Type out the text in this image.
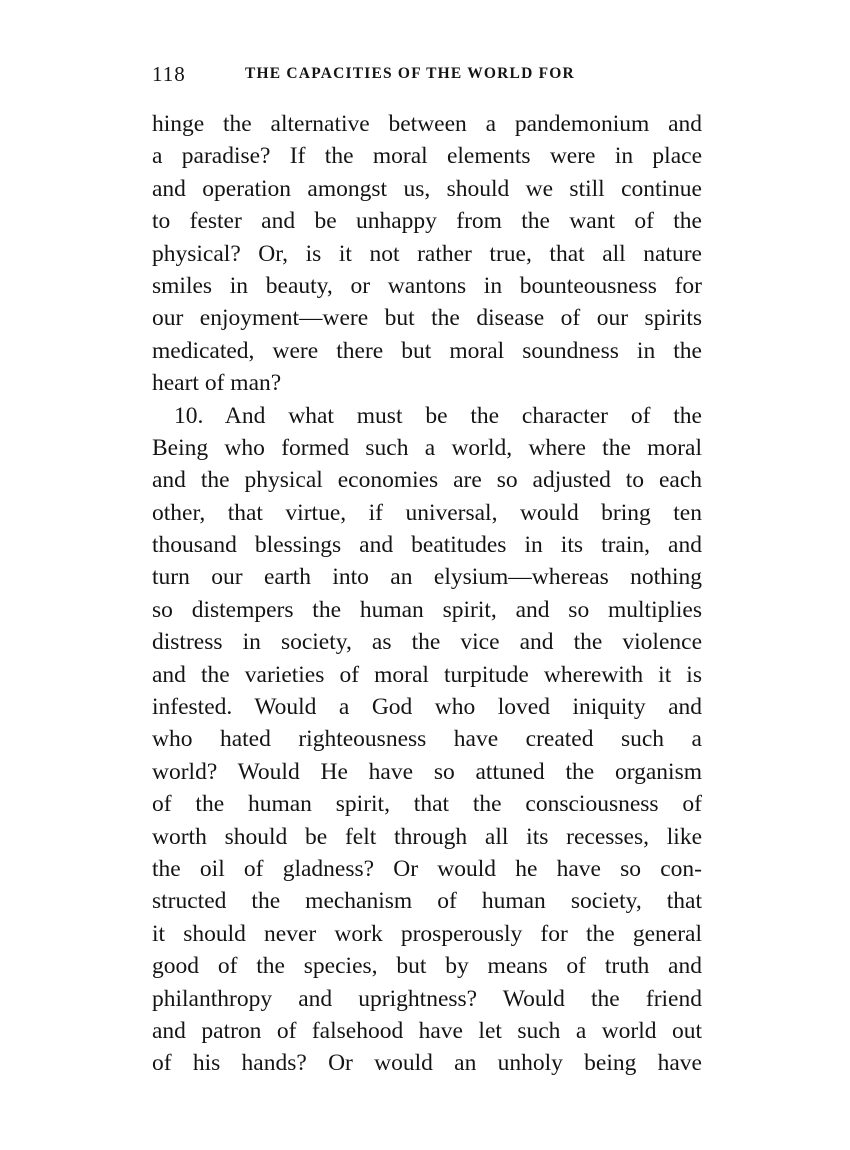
118	THE CAPACITIES OF THE WORLD FOR
hinge the alternative between a pandemonium and
a paradise? If the moral elements were in place
and operation amongst us, should we still continue
to fester and be unhappy from the want of the
physical? Or, is it not rather true, that all nature
smiles in beauty, or wantons in bounteousness for
our enjoyment—were but the disease of our spirits
medicated, were there but moral soundness in the
heart of man?
10. And what must be the character of the
Being who formed such a world, where the moral
and the physical economies are so adjusted to each
other, that virtue, if universal, would bring ten
thousand blessings and beatitudes in its train, and
turn our earth into an elysium—whereas nothing
so distempers the human spirit, and so multiplies
distress in society, as the vice and the violence
and the varieties of moral turpitude wherewith it is
infested. Would a God who loved iniquity and
who hated righteousness have created such a
world? Would He have so attuned the organism
of the human spirit, that the consciousness of
worth should be felt through all its recesses, like
the oil of gladness? Or would he have so con-
structed the mechanism of human society, that
it should never work prosperously for the general
good of the species, but by means of truth and
philanthropy and uprightness? Would the friend
and patron of falsehood have let such a world out
of his hands? Or would an unholy being have
